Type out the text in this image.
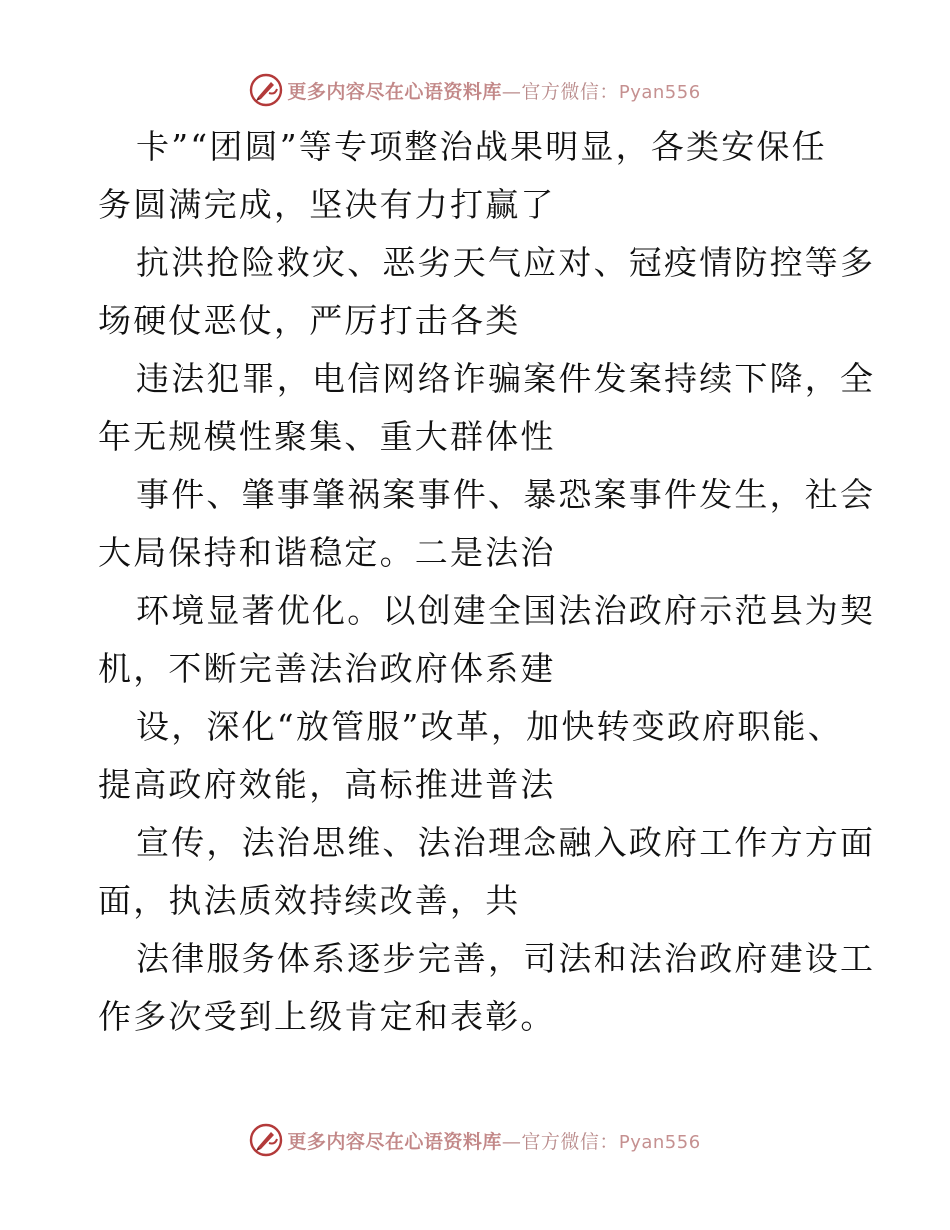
更多内容尽在心语资料库—官方微信：Pyan556

卡”“团圆”等专项整治战果明显，各类安保任
务圆满完成，坚决有力打赢了

抗洪抢险救灾、恶劣天气应对、冠疫情防控等多
场硬仗恶仗，严厉打击各类

违法犯罪，电信网络诈骗案件发案持续下降，全
年无规模性聚集、重大群体性

事件、肇事肇祸案事件、暴恐案事件发生，社会
大局保持和谐稳定。二是法治

环境显著优化。以创建全国法治政府示范县为契
机，不断完善法治政府体系建

设，深化“放管服”改革，加快转变政府职能、
提高政府效能，高标推进普法

宣传，法治思维、法治理念融入政府工作方方面
面，执法质效持续改善，共

法律服务体系逐步完善，司法和法治政府建设工
作多次受到上级肯定和表彰。

更多内容尽在心语资料库—官方微信：Pyan556
